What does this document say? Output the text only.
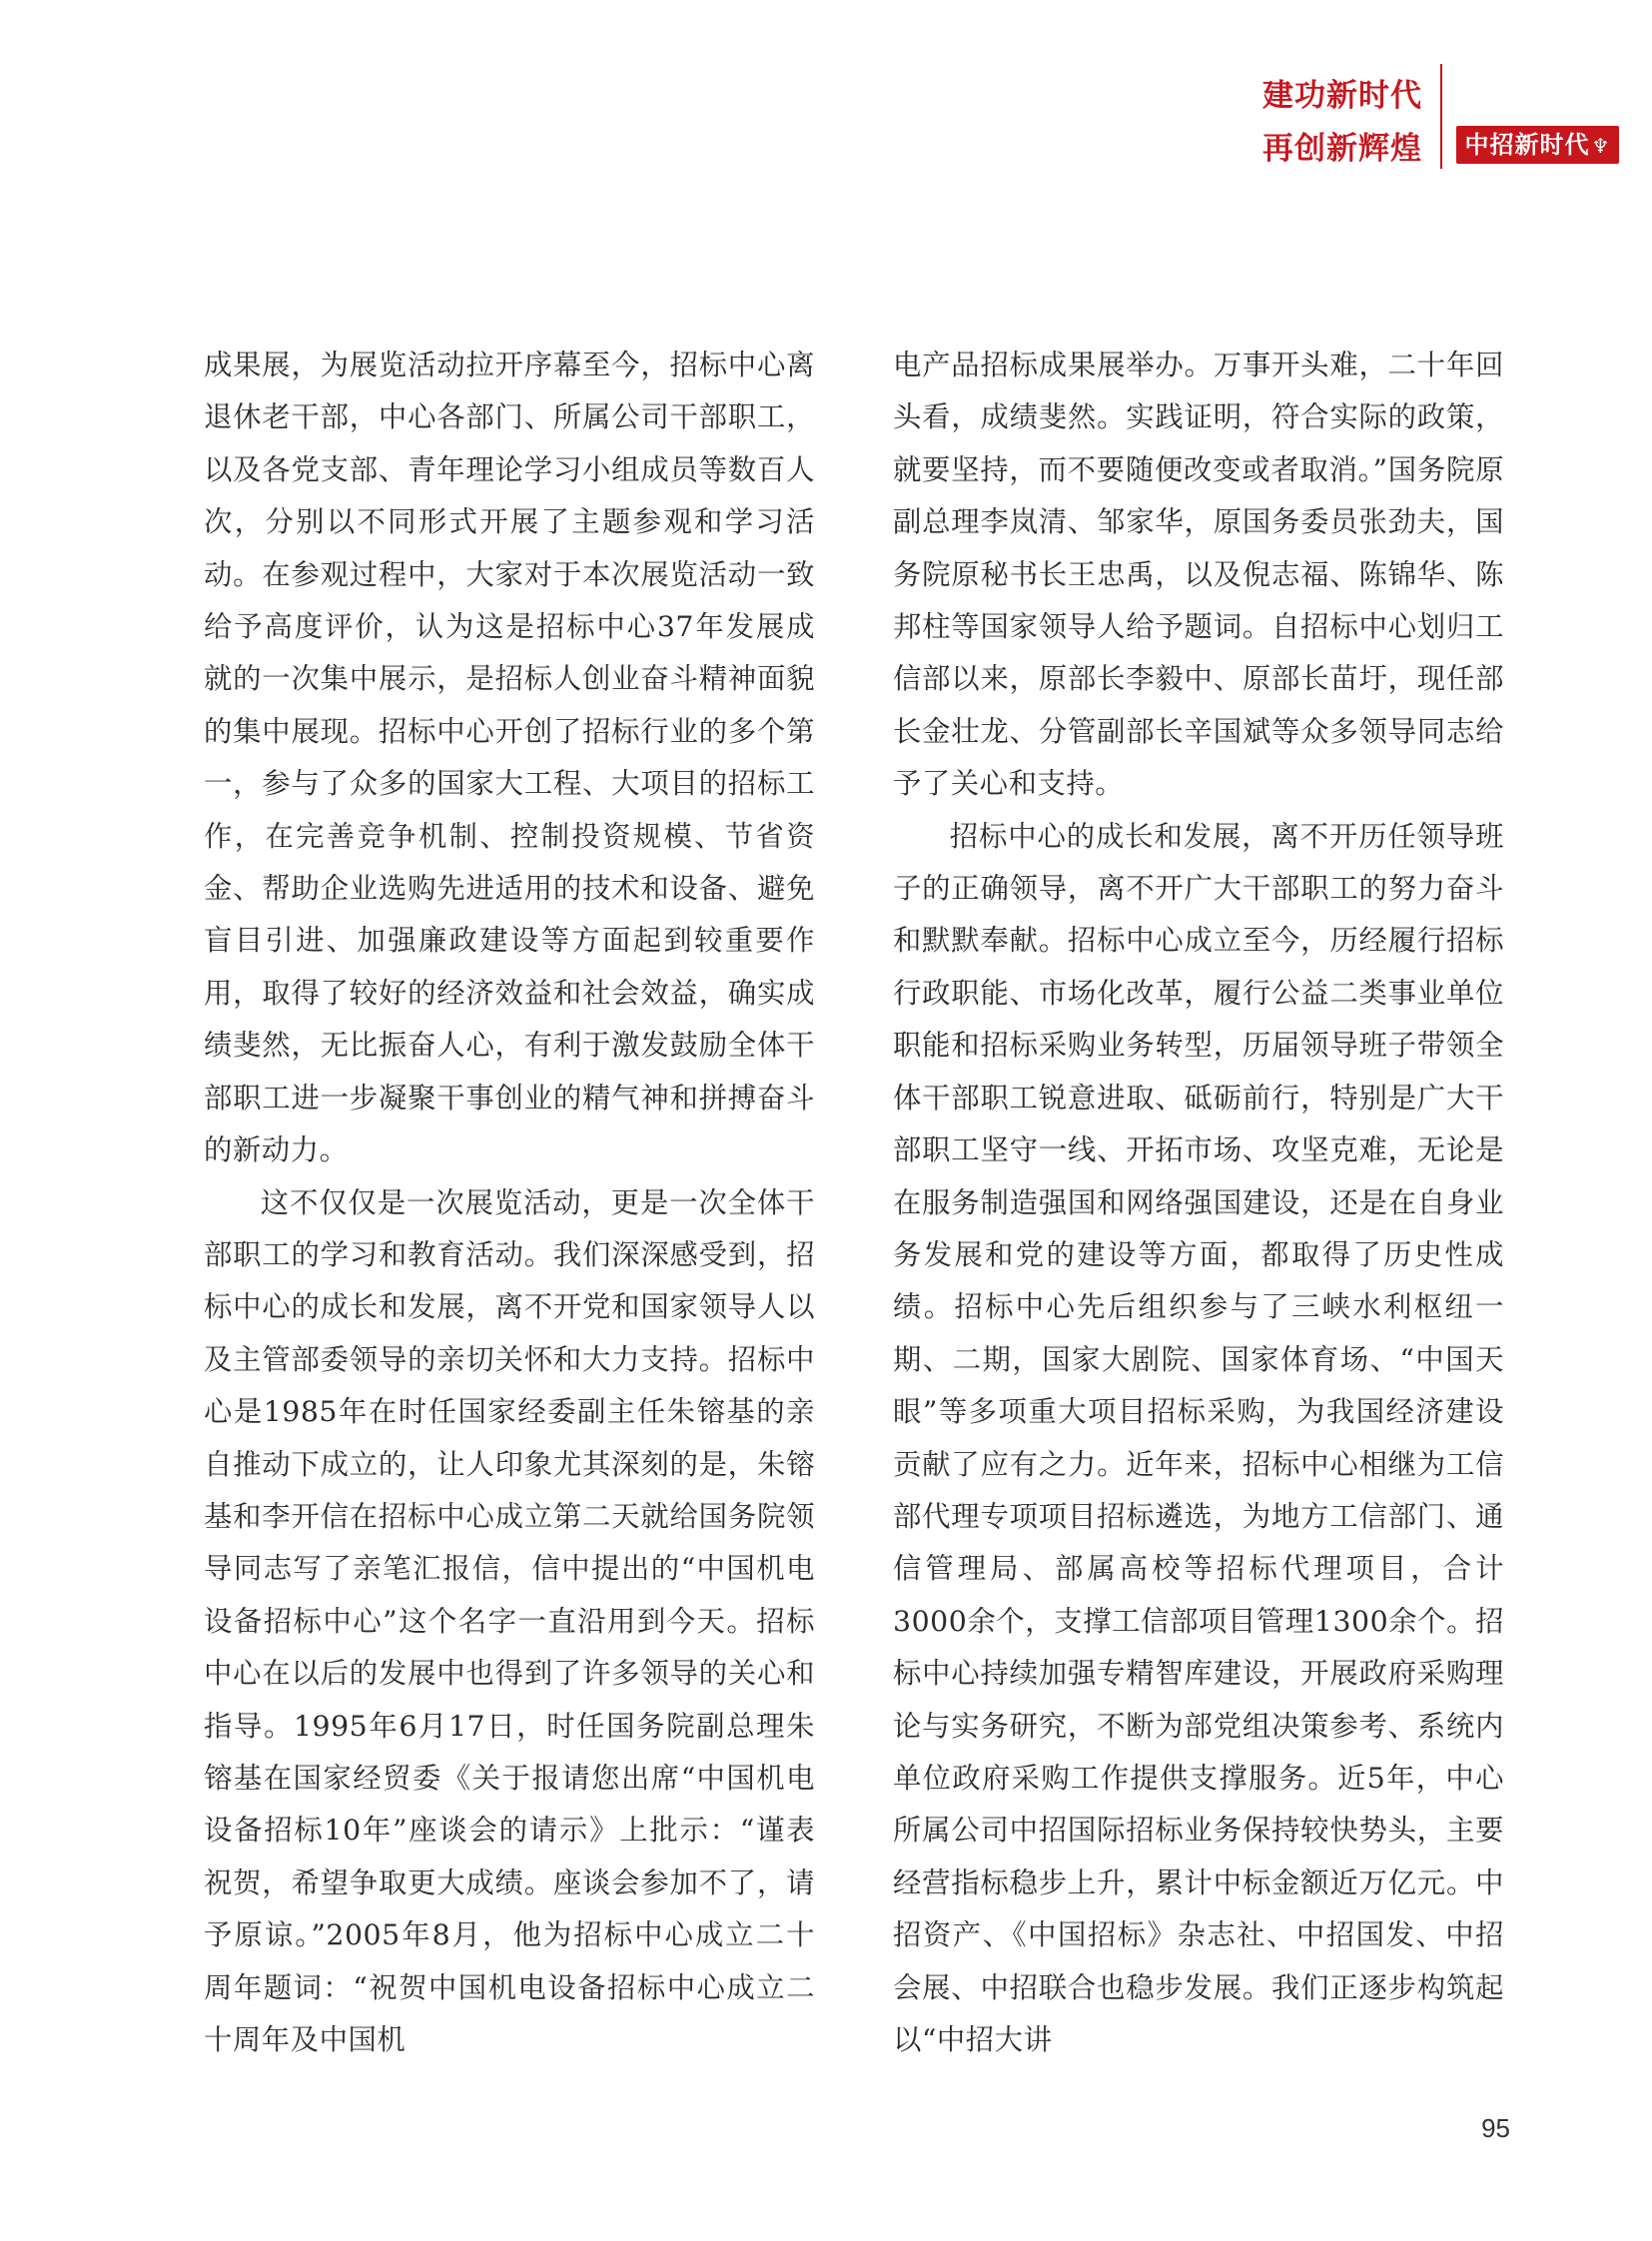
建功新时代
再创新辉煌	中招新时代 ♆

成果展，为展览活动拉开序幕至今，招标中心离退休老干部，中心各部门、所属公司干部职工，以及各党支部、青年理论学习小组成员等数百人次，分别以不同形式开展了主题参观和学习活动。在参观过程中，大家对于本次展览活动一致给予高度评价，认为这是招标中心37年发展成就的一次集中展示，是招标人创业奋斗精神面貌的集中展现。招标中心开创了招标行业的多个第一，参与了众多的国家大工程、大项目的招标工作，在完善竞争机制、控制投资规模、节省资金、帮助企业选购先进适用的技术和设备、避免盲目引进、加强廉政建设等方面起到较重要作用，取得了较好的经济效益和社会效益，确实成绩斐然，无比振奋人心，有利于激发鼓励全体干部职工进一步凝聚干事创业的精气神和拼搏奋斗的新动力。

这不仅仅是一次展览活动，更是一次全体干部职工的学习和教育活动。我们深深感受到，招标中心的成长和发展，离不开党和国家领导人以及主管部委领导的亲切关怀和大力支持。招标中心是1985年在时任国家经委副主任朱镕基的亲自推动下成立的，让人印象尤其深刻的是，朱镕基和李开信在招标中心成立第二天就给国务院领导同志写了亲笔汇报信，信中提出的“中国机电设备招标中心”这个名字一直沿用到今天。招标中心在以后的发展中也得到了许多领导的关心和指导。1995年6月17日，时任国务院副总理朱镕基在国家经贸委《关于报请您出席“中国机电设备招标10年”座谈会的请示》上批示：“谨表祝贺，希望争取更大成绩。座谈会参加不了，请予原谅。”2005年8月，他为招标中心成立二十周年题词：“祝贺中国机电设备招标中心成立二十周年及中国机

电产品招标成果展举办。万事开头难，二十年回头看，成绩斐然。实践证明，符合实际的政策，就要坚持，而不要随便改变或者取消。”国务院原副总理李岚清、邹家华，原国务委员张劲夫，国务院原秘书长王忠禹，以及倪志福、陈锦华、陈邦柱等国家领导人给予题词。自招标中心划归工信部以来，原部长李毅中、原部长苗圩，现任部长金壮龙、分管副部长辛国斌等众多领导同志给予了关心和支持。

招标中心的成长和发展，离不开历任领导班子的正确领导，离不开广大干部职工的努力奋斗和默默奉献。招标中心成立至今，历经履行招标行政职能、市场化改革，履行公益二类事业单位职能和招标采购业务转型，历届领导班子带领全体干部职工锐意进取、砥砺前行，特别是广大干部职工坚守一线、开拓市场、攻坚克难，无论是在服务制造强国和网络强国建设，还是在自身业务发展和党的建设等方面，都取得了历史性成绩。招标中心先后组织参与了三峡水利枢纽一期、二期，国家大剧院、国家体育场、“中国天眼”等多项重大项目招标采购，为我国经济建设贡献了应有之力。近年来，招标中心相继为工信部代理专项项目招标遴选，为地方工信部门、通信管理局、部属高校等招标代理项目，合计3000余个，支撑工信部项目管理1300余个。招标中心持续加强专精智库建设，开展政府采购理论与实务研究，不断为部党组决策参考、系统内单位政府采购工作提供支撑服务。近5年，中心所属公司中招国际招标业务保持较快势头，主要经营指标稳步上升，累计中标金额近万亿元。中招资产、《中国招标》杂志社、中招国发、中招会展、中招联合也稳步发展。我们正逐步构筑起以“中招大讲

95
